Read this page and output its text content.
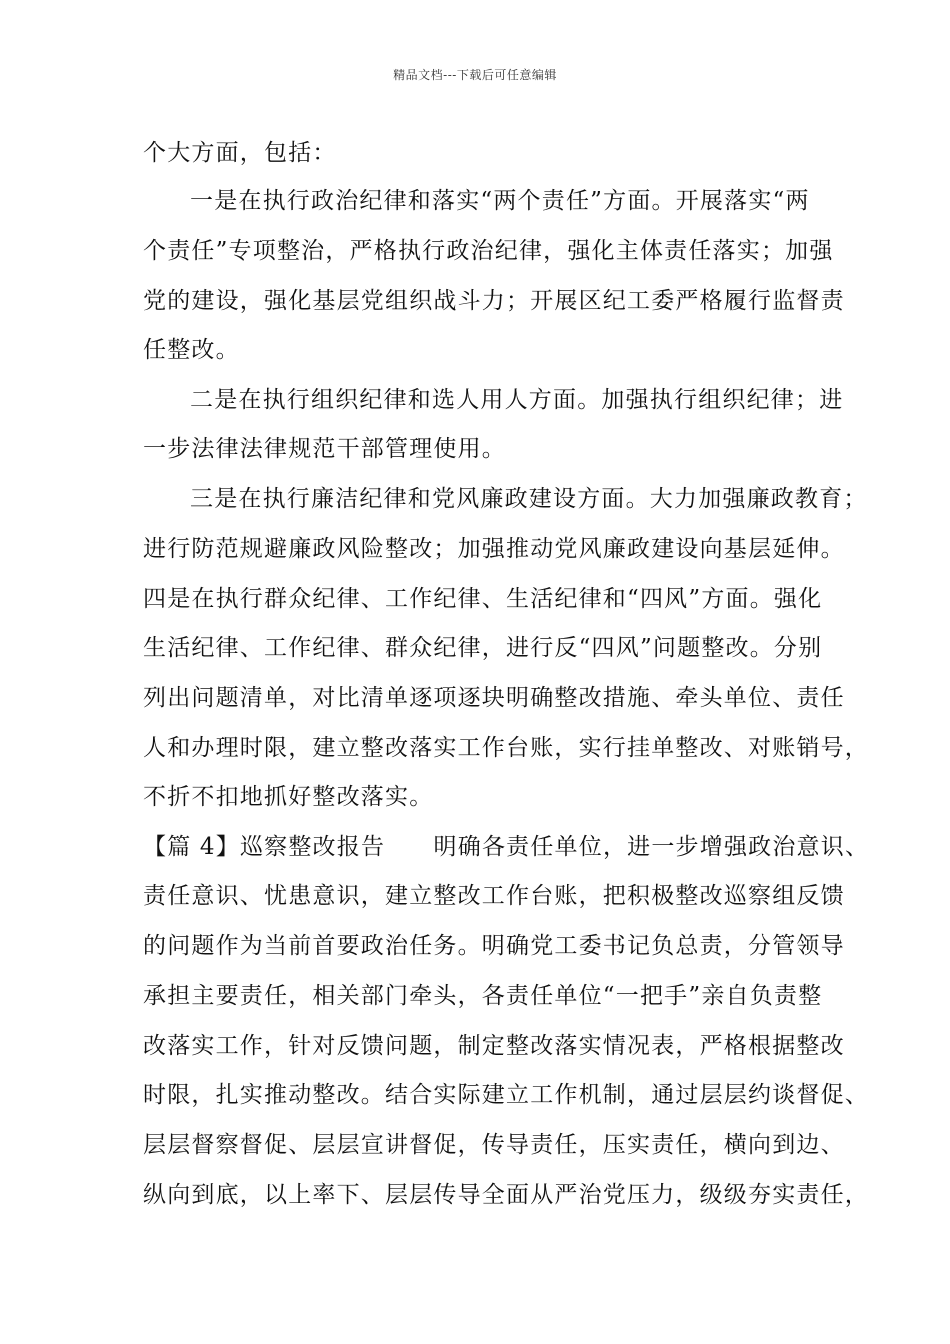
精品文档---下载后可任意编辑
个大方面，包括：
一是在执行政治纪律和落实“两个责任”方面。开展落实“两
个责任”专项整治，严格执行政治纪律，强化主体责任落实；加强
党的建设，强化基层党组织战斗力；开展区纪工委严格履行监督责
任整改。
二是在执行组织纪律和选人用人方面。加强执行组织纪律；进
一步法律法律规范干部管理使用。
三是在执行廉洁纪律和党风廉政建设方面。大力加强廉政教育；
进行防范规避廉政风险整改；加强推动党风廉政建设向基层延伸。
四是在执行群众纪律、工作纪律、生活纪律和“四风”方面。强化
生活纪律、工作纪律、群众纪律，进行反“四风”问题整改。分别
列出问题清单，对比清单逐项逐块明确整改措施、牵头单位、责任
人和办理时限，建立整改落实工作台账，实行挂单整改、对账销号，
不折不扣地抓好整改落实。
【篇 4】巡察整改报告　　明确各责任单位，进一步增强政治意识、
责任意识、忧患意识，建立整改工作台账，把积极整改巡察组反馈
的问题作为当前首要政治任务。明确党工委书记负总责，分管领导
承担主要责任，相关部门牵头，各责任单位“一把手”亲自负责整
改落实工作，针对反馈问题，制定整改落实情况表，严格根据整改
时限，扎实推动整改。结合实际建立工作机制，通过层层约谈督促、
层层督察督促、层层宣讲督促，传导责任，压实责任，横向到边、
纵向到底，以上率下、层层传导全面从严治党压力，级级夯实责任，
